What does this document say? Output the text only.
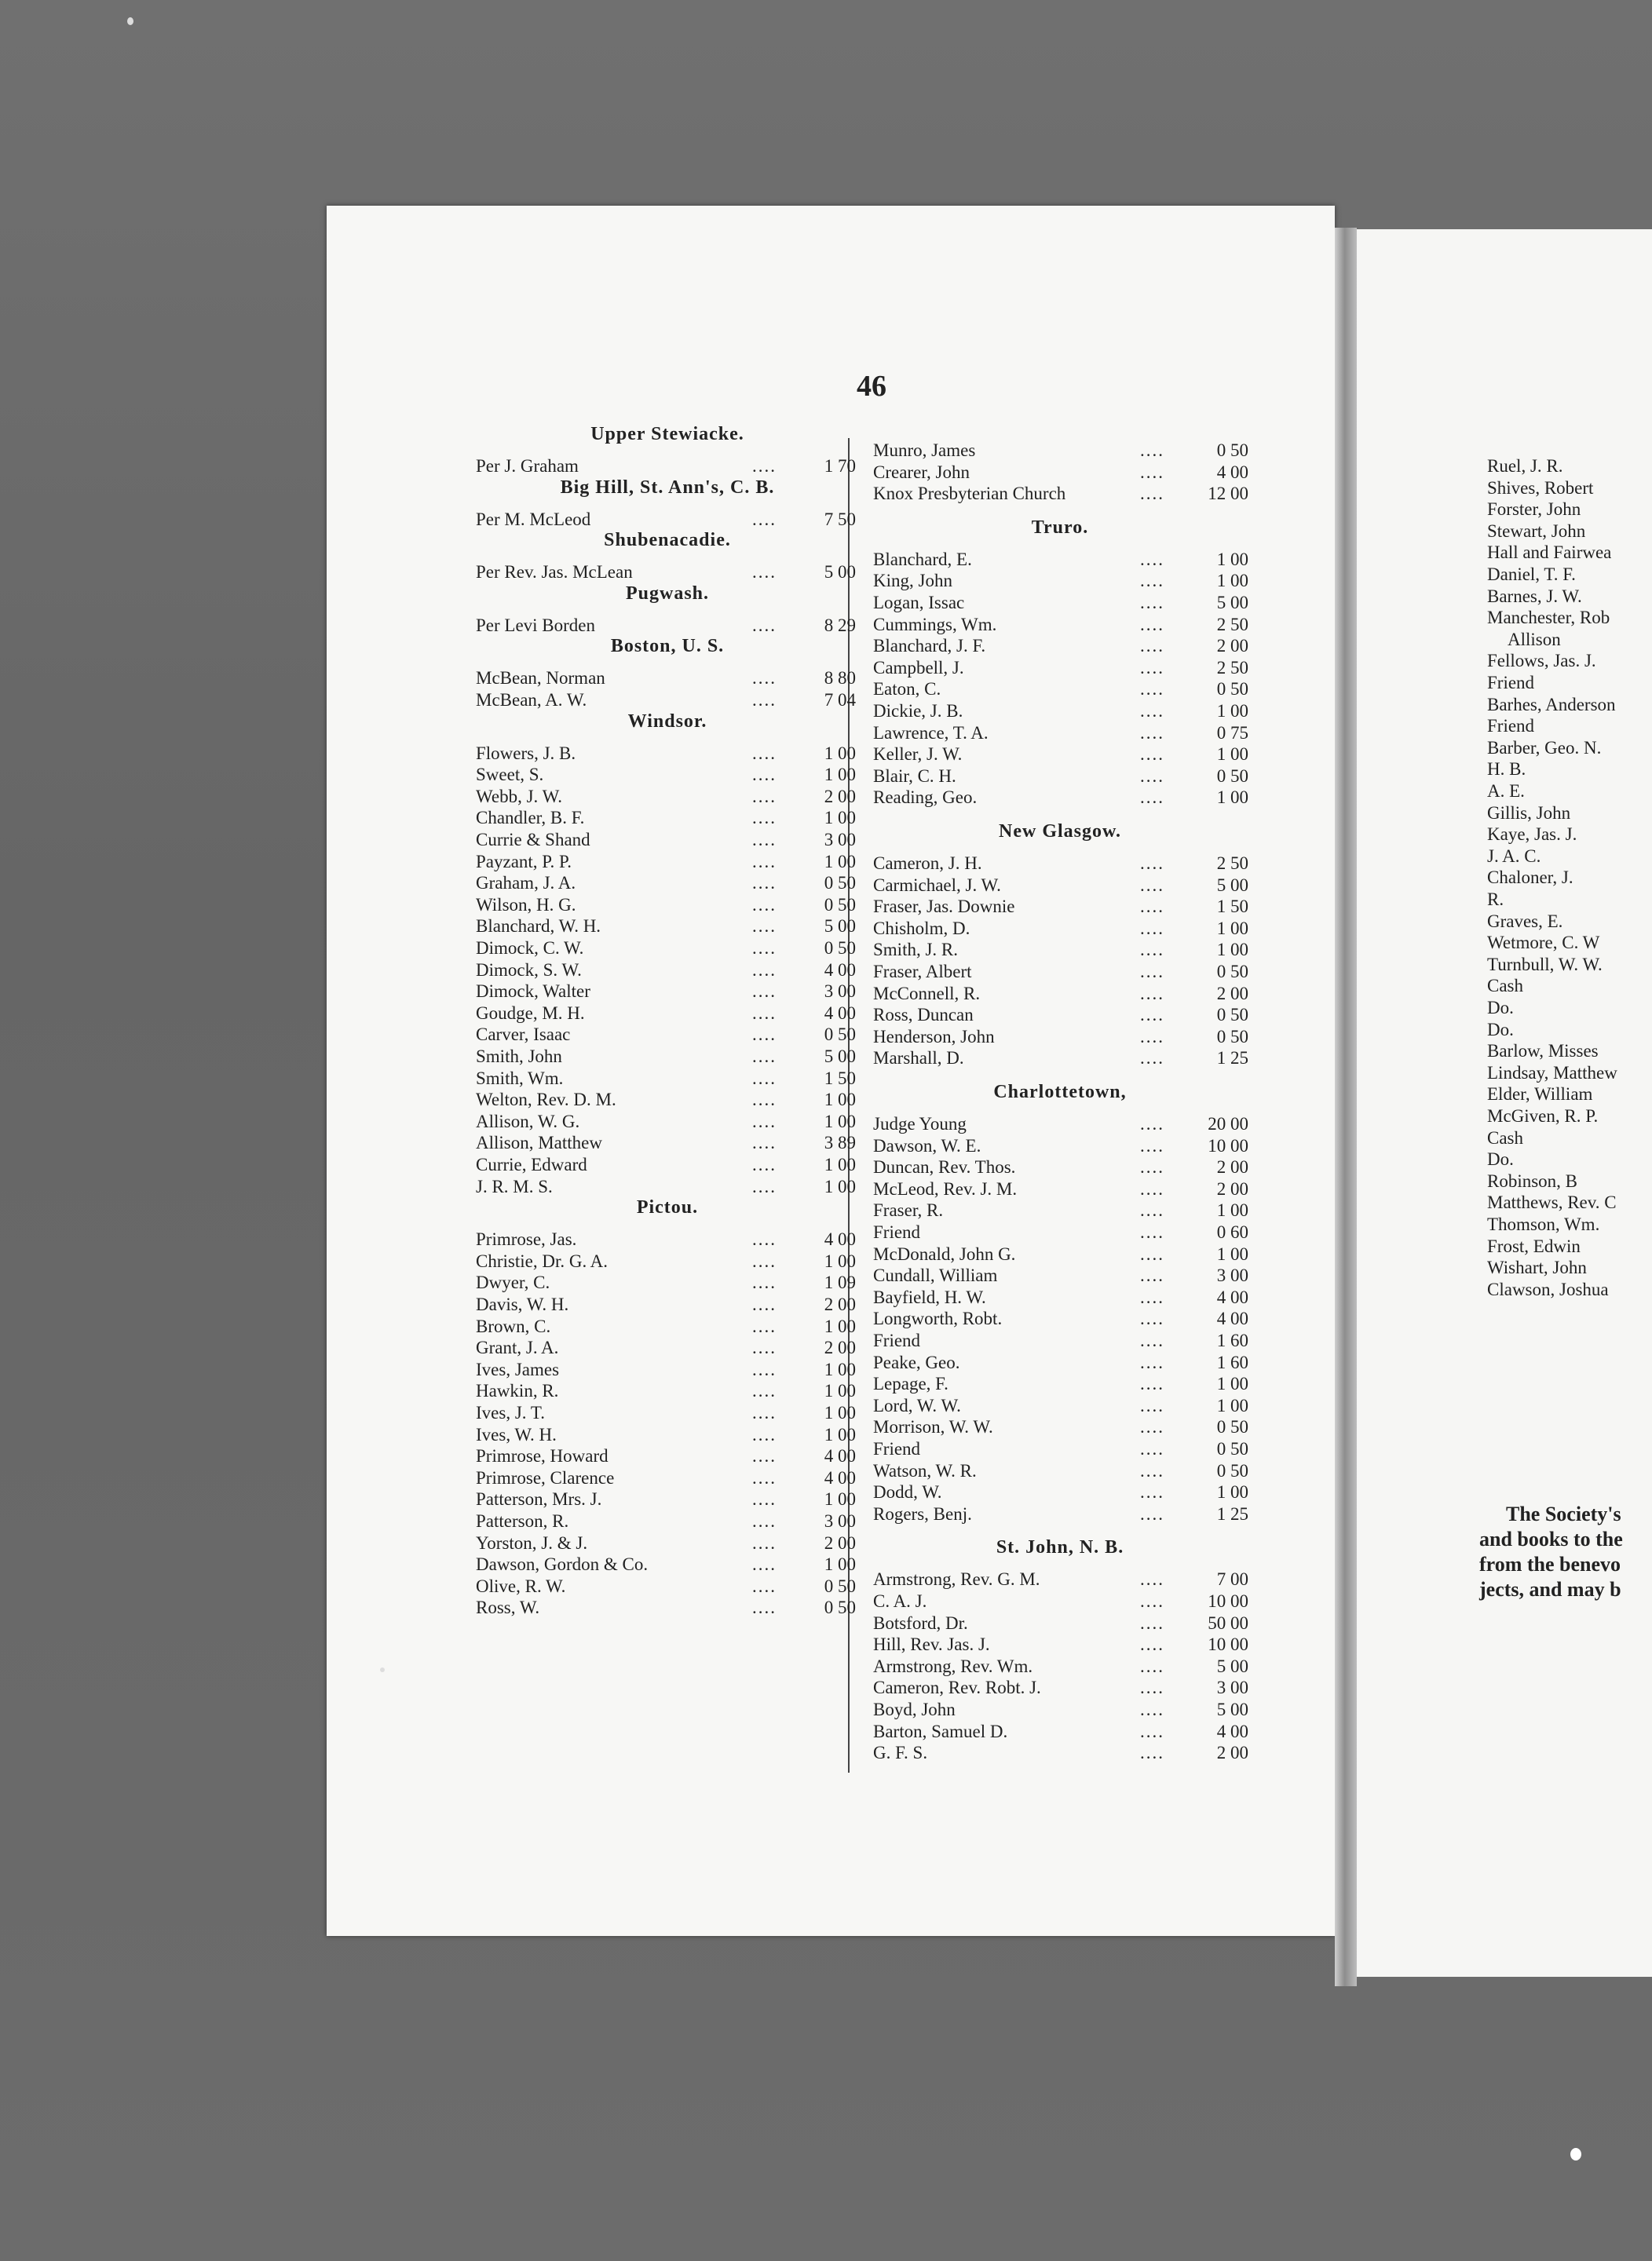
46
Upper Stewiacke.
Per J. Graham	....	1 70
Big Hill, St. Ann's, C. B.
Per M. McLeod	....	7 50
Shubenacadie.
Per Rev. Jas. McLean	....	5 00
Pugwash.
Per Levi Borden	....	8 29
Boston, U. S.
McBean, Norman	....	8 80
McBean, A. W.	....	7 04
Windsor.
Flowers, J. B.	....	1 00
Sweet, S.	....	1 00
Webb, J. W.	....	2 00
Chandler, B. F.	....	1 00
Currie & Shand	....	3 00
Payzant, P. P.	....	1 00
Graham, J. A.	....	0 50
Wilson, H. G.	....	0 50
Blanchard, W. H.	....	5 00
Dimock, C. W.	....	0 50
Dimock, S. W.	....	4 00
Dimock, Walter	....	3 00
Goudge, M. H.	....	4 00
Carver, Isaac	....	0 50
Smith, John	....	5 00
Smith, Wm.	....	1 50
Welton, Rev. D. M.	....	1 00
Allison, W. G.	....	1 00
Allison, Matthew	....	3 89
Currie, Edward	....	1 00
J. R. M. S.	....	1 00
Pictou.
Primrose, Jas.	....	4 00
Christie, Dr. G. A.	....	1 00
Dwyer, C.	....	1 09
Davis, W. H.	....	2 00
Brown, C.	....	1 00
Grant, J. A.	....	2 00
Ives, James	....	1 00
Hawkin, R.	....	1 00
Ives, J. T.	....	1 00
Ives, W. H.	....	1 00
Primrose, Howard	....	4 00
Primrose, Clarence	....	4 00
Patterson, Mrs. J.	....	1 00
Patterson, R.	....	3 00
Yorston, J. & J.	....	2 00
Dawson, Gordon & Co.	....	1 00
Olive, R. W.	....	0 50
Ross, W.	....	0 50
Munro, James	....	0 50
Crearer, John	....	4 00
Knox Presbyterian Church	....	12 00
Truro.
Blanchard, E.	....	1 00
King, John	....	1 00
Logan, Issac	....	5 00
Cummings, Wm.	....	2 50
Blanchard, J. F.	....	2 00
Campbell, J.	....	2 50
Eaton, C.	....	0 50
Dickie, J. B.	....	1 00
Lawrence, T. A.	....	0 75
Keller, J. W.	....	1 00
Blair, C. H.	....	0 50
Reading, Geo.	....	1 00
New Glasgow.
Cameron, J. H.	....	2 50
Carmichael, J. W.	....	5 00
Fraser, Jas. Downie	....	1 50
Chisholm, D.	....	1 00
Smith, J. R.	....	1 00
Fraser, Albert	....	0 50
McConnell, R.	....	2 00
Ross, Duncan	....	0 50
Henderson, John	....	0 50
Marshall, D.	....	1 25
Charlottetown,
Judge Young	....	20 00
Dawson, W. E.	....	10 00
Duncan, Rev. Thos.	....	2 00
McLeod, Rev. J. M.	....	2 00
Fraser, R.	....	1 00
Friend	....	0 60
McDonald, John G.	....	1 00
Cundall, William	....	3 00
Bayfield, H. W.	....	4 00
Longworth, Robt.	....	4 00
Friend	....	1 60
Peake, Geo.	....	1 60
Lepage, F.	....	1 00
Lord, W. W.	....	1 00
Morrison, W. W.	....	0 50
Friend	....	0 50
Watson, W. R.	....	0 50
Dodd, W.	....	1 00
Rogers, Benj.	....	1 25
St. John, N. B.
Armstrong, Rev. G. M.	....	7 00
C. A. J.	....	10 00
Botsford, Dr.	....	50 00
Hill, Rev. Jas. J.	....	10 00
Armstrong, Rev. Wm.	....	5 00
Cameron, Rev. Robt. J.	....	3 00
Boyd, John	....	5 00
Barton, Samuel D.	....	4 00
G. F. S.	....	2 00
Ruel, J. R.
Shives, Robert
Forster, John
Stewart, John
Hall and Fairwea
Daniel, T. F.
Barnes, J. W.
Manchester, Rob
Allison
Fellows, Jas. J.
Friend
Barhes, Anderson
Friend
Barber, Geo. N.
H. B.
A. E.
Gillis, John
Kaye, Jas. J.
J. A. C.
Chaloner, J.
R.
Graves, E.
Wetmore, C. W
Turnbull, W. W.
Cash
Do.
Do.
Barlow, Misses
Lindsay, Matthew
Elder, William
McGiven, R. P.
Cash
Do.
Robinson, B
Matthews, Rev. C
Thomson, Wm.
Frost, Edwin
Wishart, John
Clawson, Joshua
The Society's
and books to the
from the benevo
jects, and may b
